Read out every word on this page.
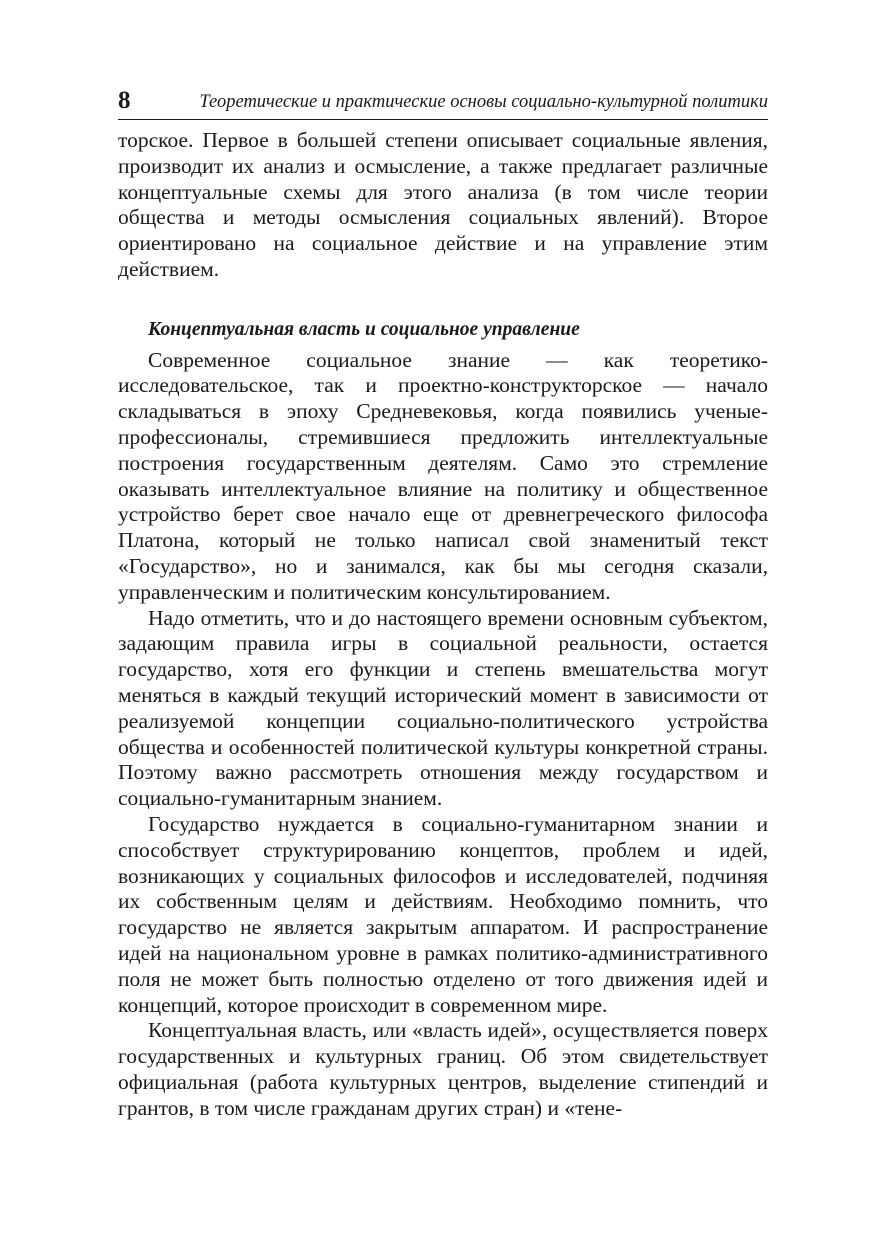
8	Теоретические и практические основы социально-культурной политики

торское. Первое в большей степени описывает социальные явления, производит их анализ и осмысление, а также предлагает различные концептуальные схемы для этого анализа (в том числе теории общества и методы осмысления социальных явлений). Второе ориентировано на социальное действие и на управление этим действием.

Концептуальная власть и социальное управление

Современное социальное знание — как теоретико-исследовательское, так и проектно-конструкторское — начало складываться в эпоху Средневековья, когда появились ученые-профессионалы, стремившиеся предложить интеллектуальные построения государственным деятелям. Само это стремление оказывать интеллектуальное влияние на политику и общественное устройство берет свое начало еще от древнегреческого философа Платона, который не только написал свой знаменитый текст «Государство», но и занимался, как бы мы сегодня сказали, управленческим и политическим консультированием.

Надо отметить, что и до настоящего времени основным субъектом, задающим правила игры в социальной реальности, остается государство, хотя его функции и степень вмешательства могут меняться в каждый текущий исторический момент в зависимости от реализуемой концепции социально-политического устройства общества и особенностей политической культуры конкретной страны. Поэтому важно рассмотреть отношения между государством и социально-гуманитарным знанием.

Государство нуждается в социально-гуманитарном знании и способствует структурированию концептов, проблем и идей, возникающих у социальных философов и исследователей, подчиняя их собственным целям и действиям. Необходимо помнить, что государство не является закрытым аппаратом. И распространение идей на национальном уровне в рамках политико-административного поля не может быть полностью отделено от того движения идей и концепций, которое происходит в современном мире.

Концептуальная власть, или «власть идей», осуществляется поверх государственных и культурных границ. Об этом свидетельствует официальная (работа культурных центров, выделение стипендий и грантов, в том числе гражданам других стран) и «тене-
